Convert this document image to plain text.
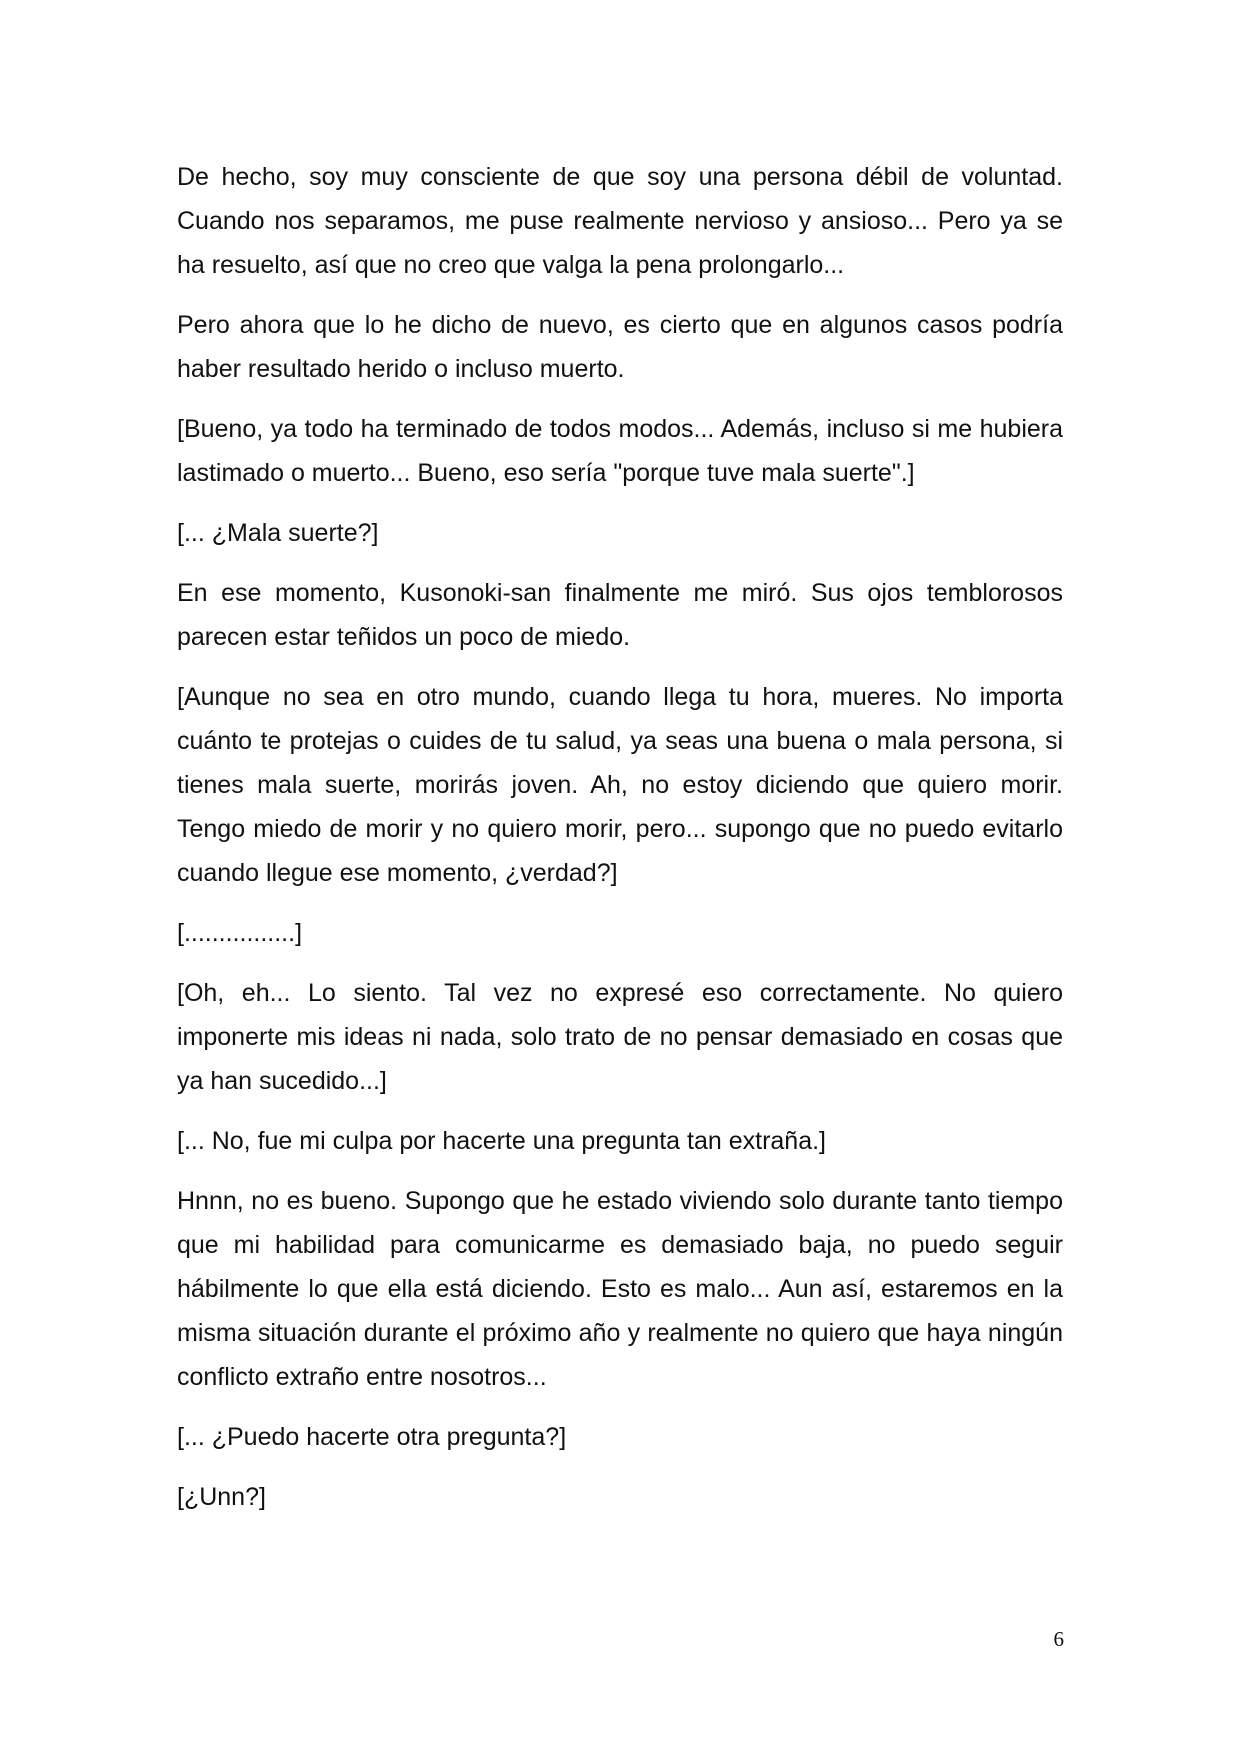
De hecho, soy muy consciente de que soy una persona débil de voluntad. Cuando nos separamos, me puse realmente nervioso y ansioso... Pero ya se ha resuelto, así que no creo que valga la pena prolongarlo...

Pero ahora que lo he dicho de nuevo, es cierto que en algunos casos podría haber resultado herido o incluso muerto.

[Bueno, ya todo ha terminado de todos modos... Además, incluso si me hubiera lastimado o muerto... Bueno, eso sería "porque tuve mala suerte".]

[... ¿Mala suerte?]

En ese momento, Kusonoki-san finalmente me miró. Sus ojos temblorosos parecen estar teñidos un poco de miedo.

[Aunque no sea en otro mundo, cuando llega tu hora, mueres. No importa cuánto te protejas o cuides de tu salud, ya seas una buena o mala persona, si tienes mala suerte, morirás joven. Ah, no estoy diciendo que quiero morir. Tengo miedo de morir y no quiero morir, pero... supongo que no puedo evitarlo cuando llegue ese momento, ¿verdad?]

[................]

[Oh, eh... Lo siento. Tal vez no expresé eso correctamente. No quiero imponerte mis ideas ni nada, solo trato de no pensar demasiado en cosas que ya han sucedido...]

[... No, fue mi culpa por hacerte una pregunta tan extraña.]

Hnnn, no es bueno. Supongo que he estado viviendo solo durante tanto tiempo que mi habilidad para comunicarme es demasiado baja, no puedo seguir hábilmente lo que ella está diciendo. Esto es malo... Aun así, estaremos en la misma situación durante el próximo año y realmente no quiero que haya ningún conflicto extraño entre nosotros...

[... ¿Puedo hacerte otra pregunta?]

[¿Unn?]

6
